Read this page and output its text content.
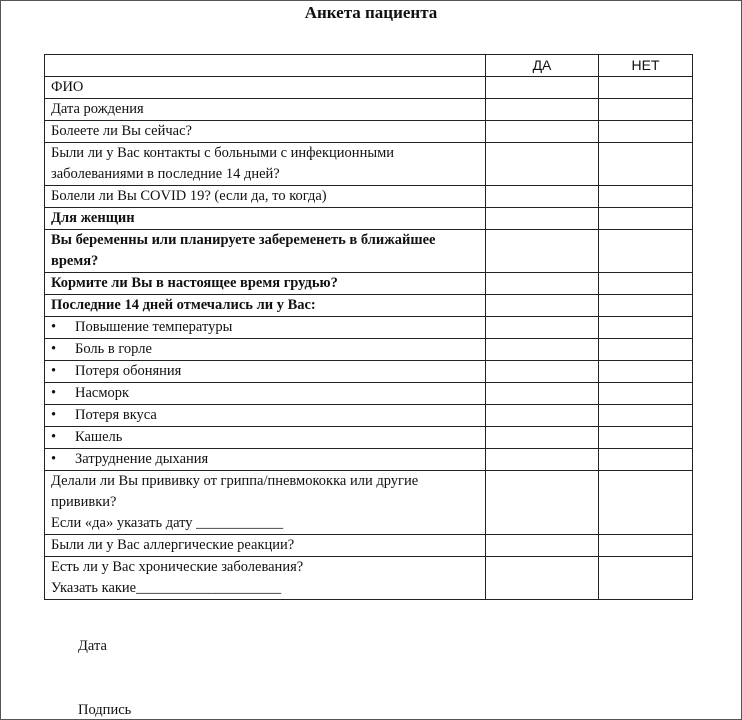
Анкета пациента
	ДА	НЕТ

ФИО		

Дата рождения		

Болеете ли Вы сейчас?		

Были ли у Вас контакты с больными с инфекционными
заболеваниями в последние 14 дней?		

Болели ли Вы COVID 19? (если да, то когда)		

Для женщин		

Вы беременны или планируете забеременеть в ближайшее
время?		

Кормите ли Вы в настоящее время грудью?		

Последние 14 дней отмечались ли у Вас:		

• Повышение температуры		

• Боль в горле		

• Потеря обоняния		

• Насморк		

• Потеря вкуса		

• Кашель		

• Затруднение дыхания		

Делали ли Вы прививку от гриппа/пневмококка или другие
прививки?
Если «да» указать дату ____________		

Были ли у Вас аллергические реакции?		

Есть ли у Вас хронические заболевания?
Указать какие____________________		

Дата
Подпись
